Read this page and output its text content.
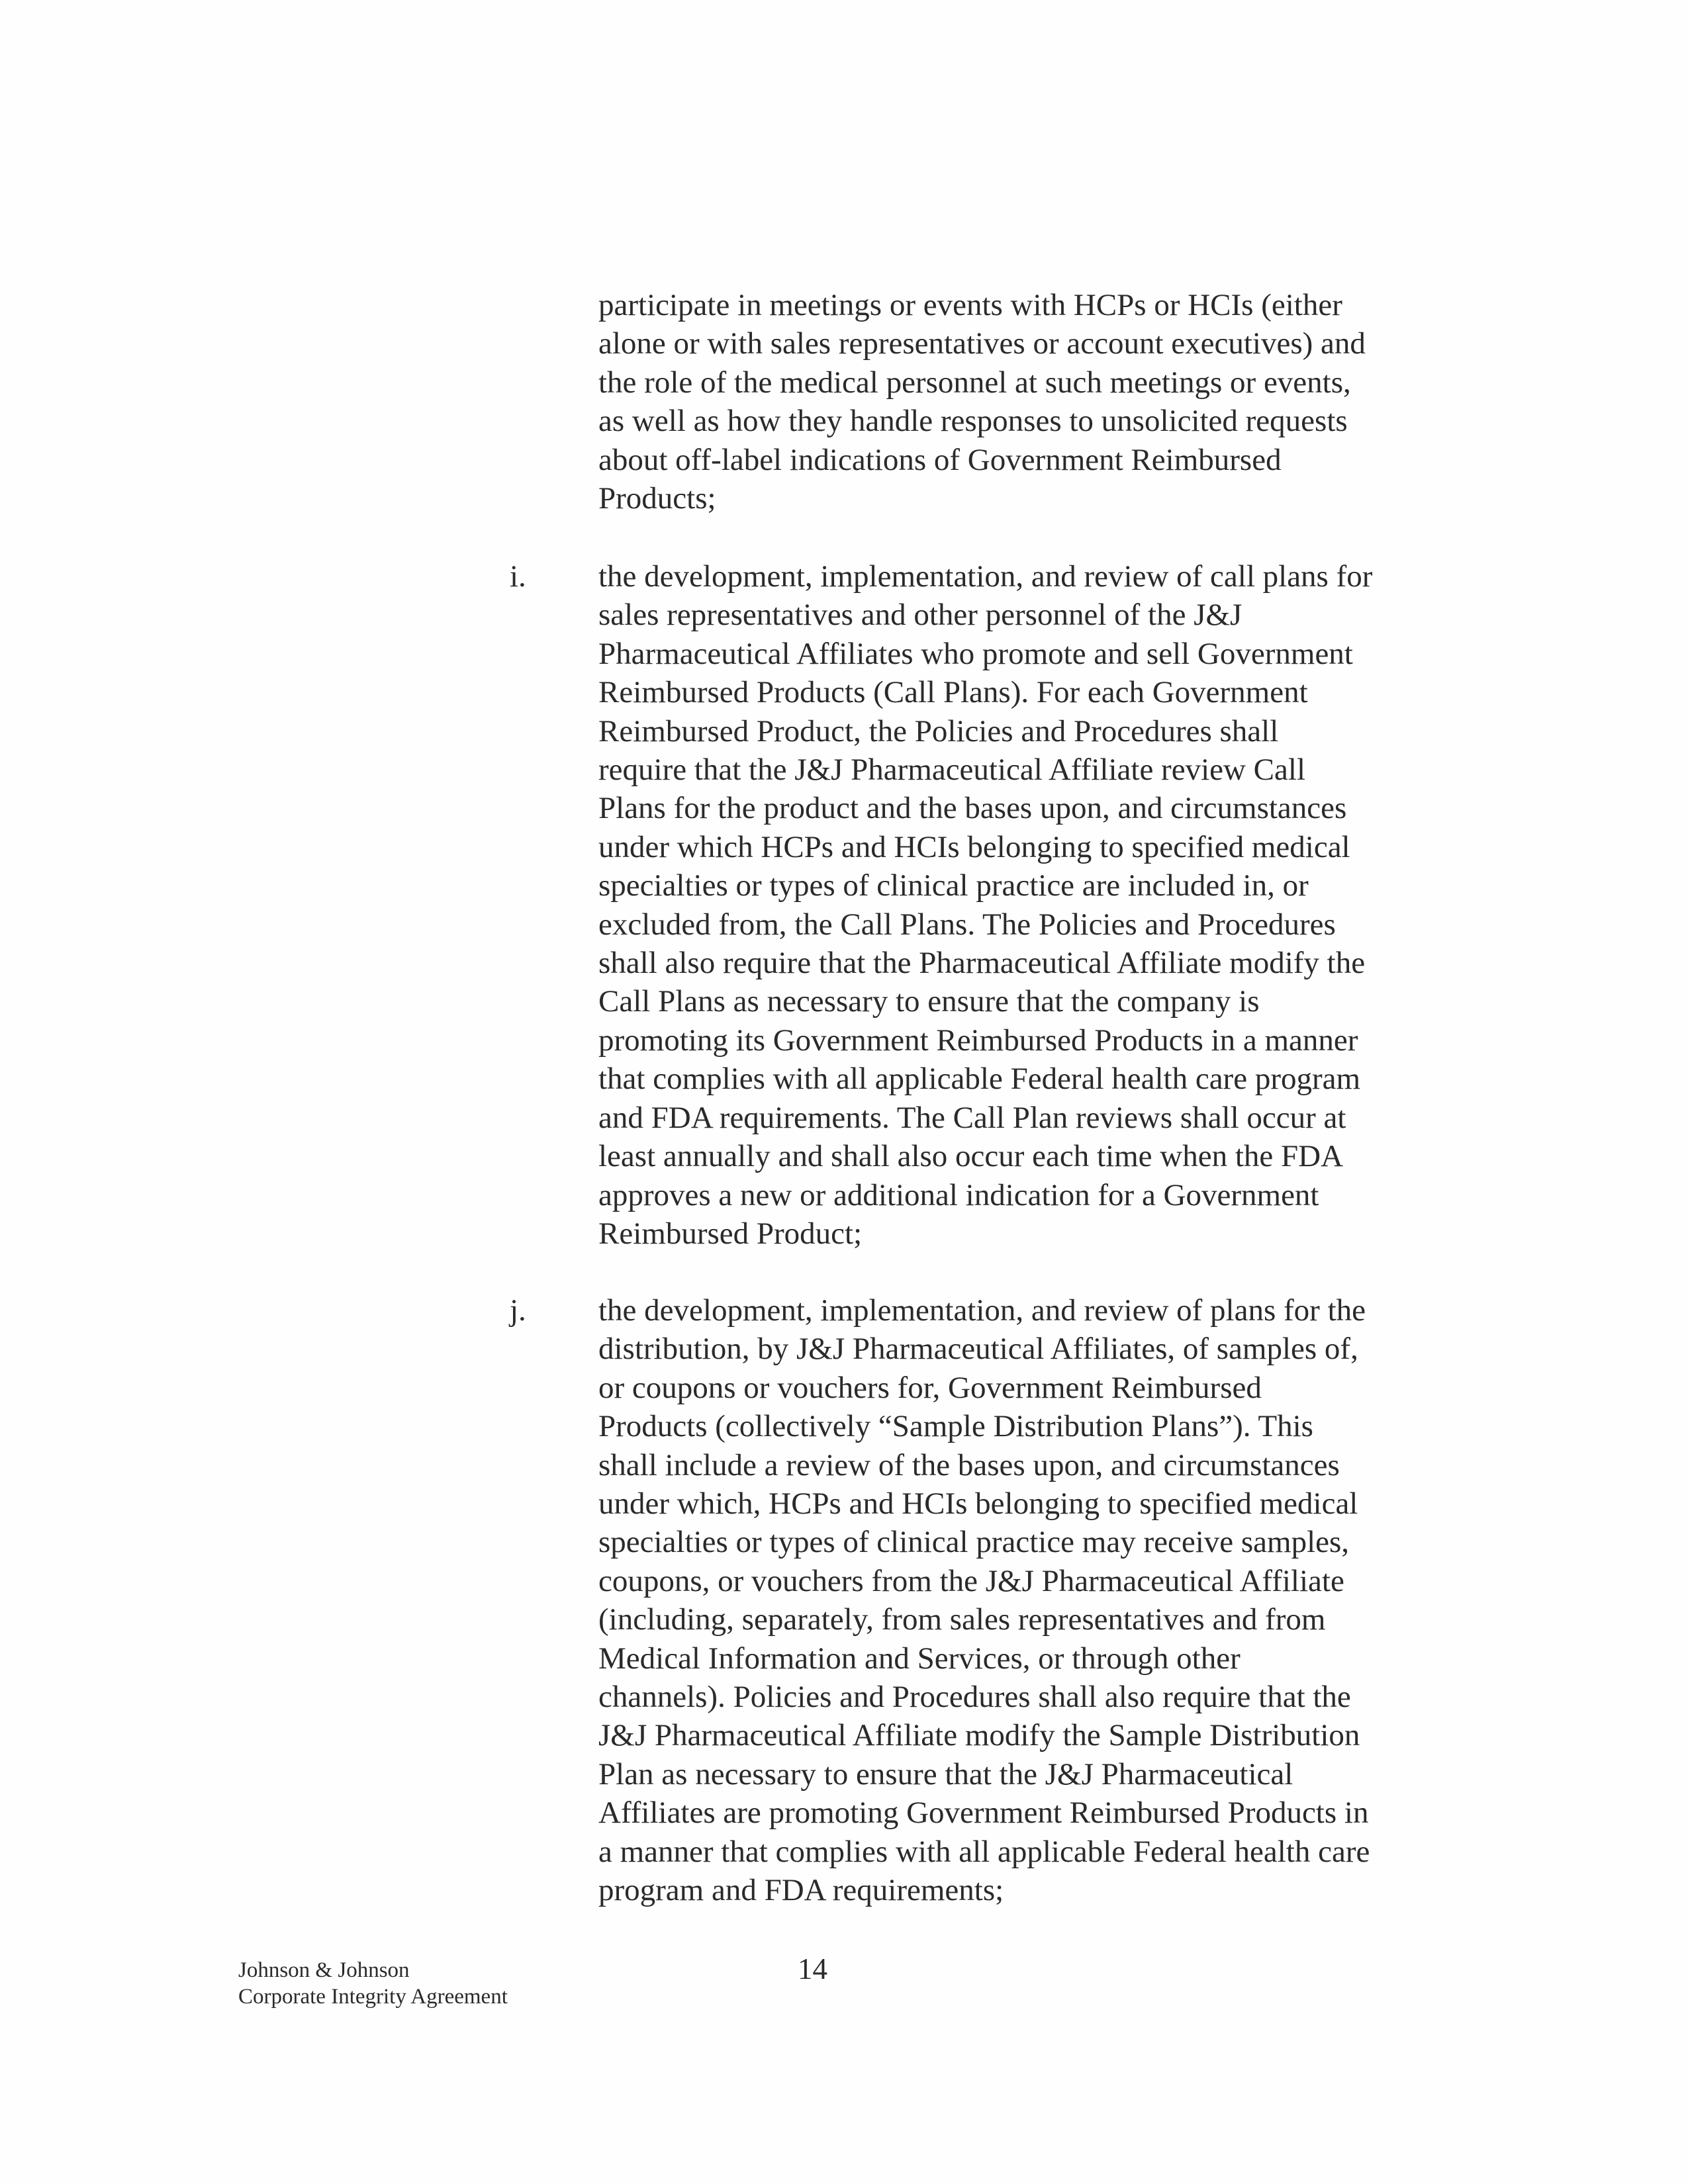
participate in meetings or events with HCPs or HCIs (either
alone or with sales representatives or account executives) and
the role of the medical personnel at such meetings or events,
as well as how they handle responses to unsolicited requests
about off-label indications of Government Reimbursed
Products;
i. the development, implementation, and review of call plans for
sales representatives and other personnel of the J&J
Pharmaceutical Affiliates who promote and sell Government
Reimbursed Products (Call Plans). For each Government
Reimbursed Product, the Policies and Procedures shall
require that the J&J Pharmaceutical Affiliate review Call
Plans for the product and the bases upon, and circumstances
under which HCPs and HCIs belonging to specified medical
specialties or types of clinical practice are included in, or
excluded from, the Call Plans. The Policies and Procedures
shall also require that the Pharmaceutical Affiliate modify the
Call Plans as necessary to ensure that the company is
promoting its Government Reimbursed Products in a manner
that complies with all applicable Federal health care program
and FDA requirements. The Call Plan reviews shall occur at
least annually and shall also occur each time when the FDA
approves a new or additional indication for a Government
Reimbursed Product;
j. the development, implementation, and review of plans for the
distribution, by J&J Pharmaceutical Affiliates, of samples of,
or coupons or vouchers for, Government Reimbursed
Products (collectively “Sample Distribution Plans”). This
shall include a review of the bases upon, and circumstances
under which, HCPs and HCIs belonging to specified medical
specialties or types of clinical practice may receive samples,
coupons, or vouchers from the J&J Pharmaceutical Affiliate
(including, separately, from sales representatives and from
Medical Information and Services, or through other
channels). Policies and Procedures shall also require that the
J&J Pharmaceutical Affiliate modify the Sample Distribution
Plan as necessary to ensure that the J&J Pharmaceutical
Affiliates are promoting Government Reimbursed Products in
a manner that complies with all applicable Federal health care
program and FDA requirements;
Johnson & Johnson
Corporate Integrity Agreement
14
